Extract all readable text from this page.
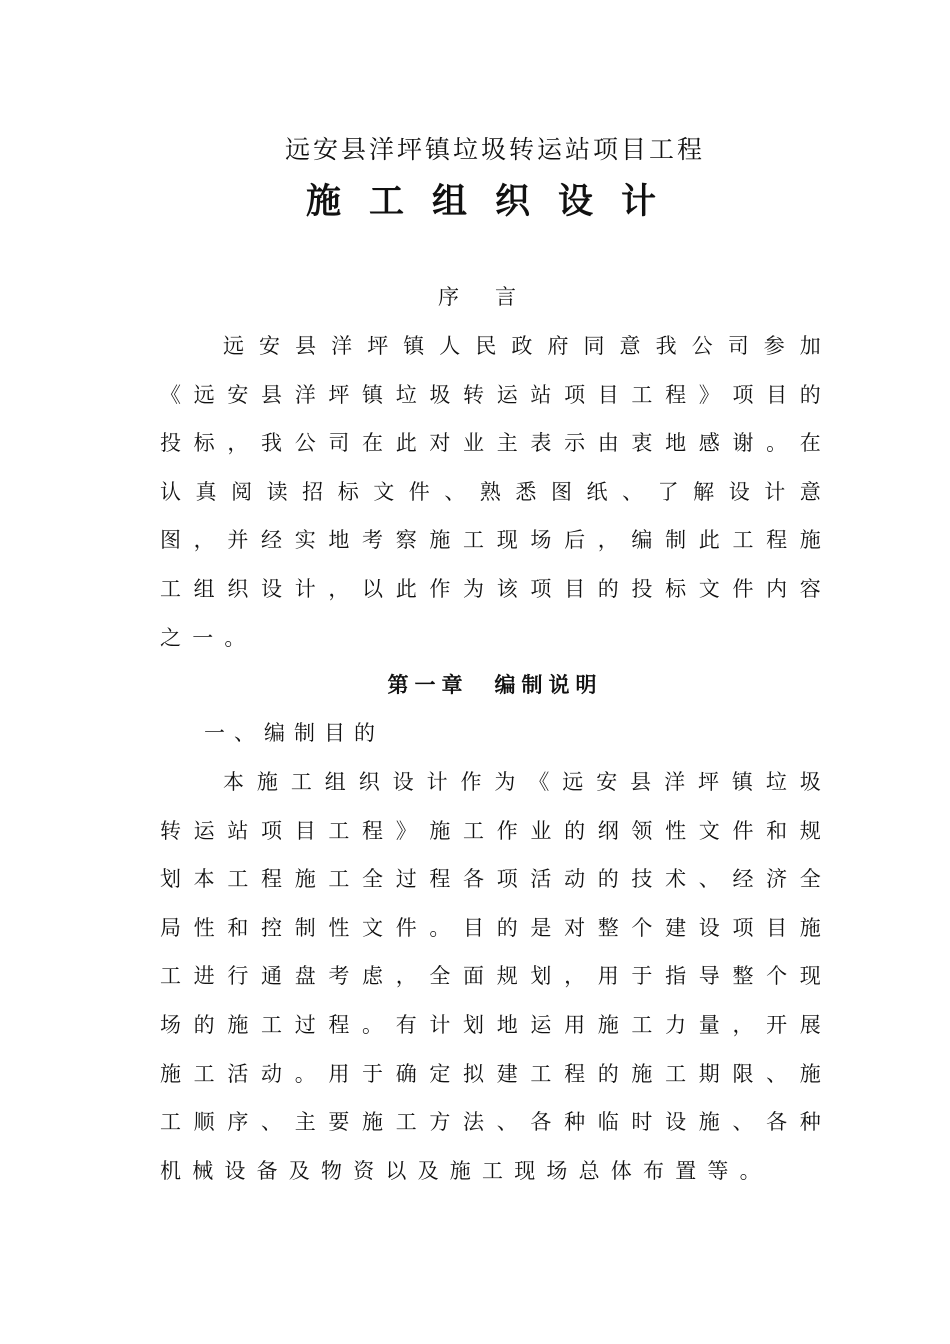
远安县洋坪镇垃圾转运站项目工程
施工组织设计
序言

远安县洋坪镇人民政府同意我公司参加《远安县洋坪镇垃圾转运站项目工程》项目的投标，我公司在此对业主表示由衷地感谢。在认真阅读招标文件、熟悉图纸、了解设计意图，并经实地考察施工现场后，编制此工程施工组织设计，以此作为该项目的投标文件内容之一。

第一章 编制说明
一、编制目的

本施工组织设计作为《远安县洋坪镇垃圾转运站项目工程》施工作业的纲领性文件和规划本工程施工全过程各项活动的技术、经济全局性和控制性文件。目的是对整个建设项目施工进行通盘考虑，全面规划，用于指导整个现场的施工过程。有计划地运用施工力量，开展施工活动。用于确定拟建工程的施工期限、施工顺序、主要施工方法、各种临时设施、各种机械设备及物资以及施工现场总体布置等。
